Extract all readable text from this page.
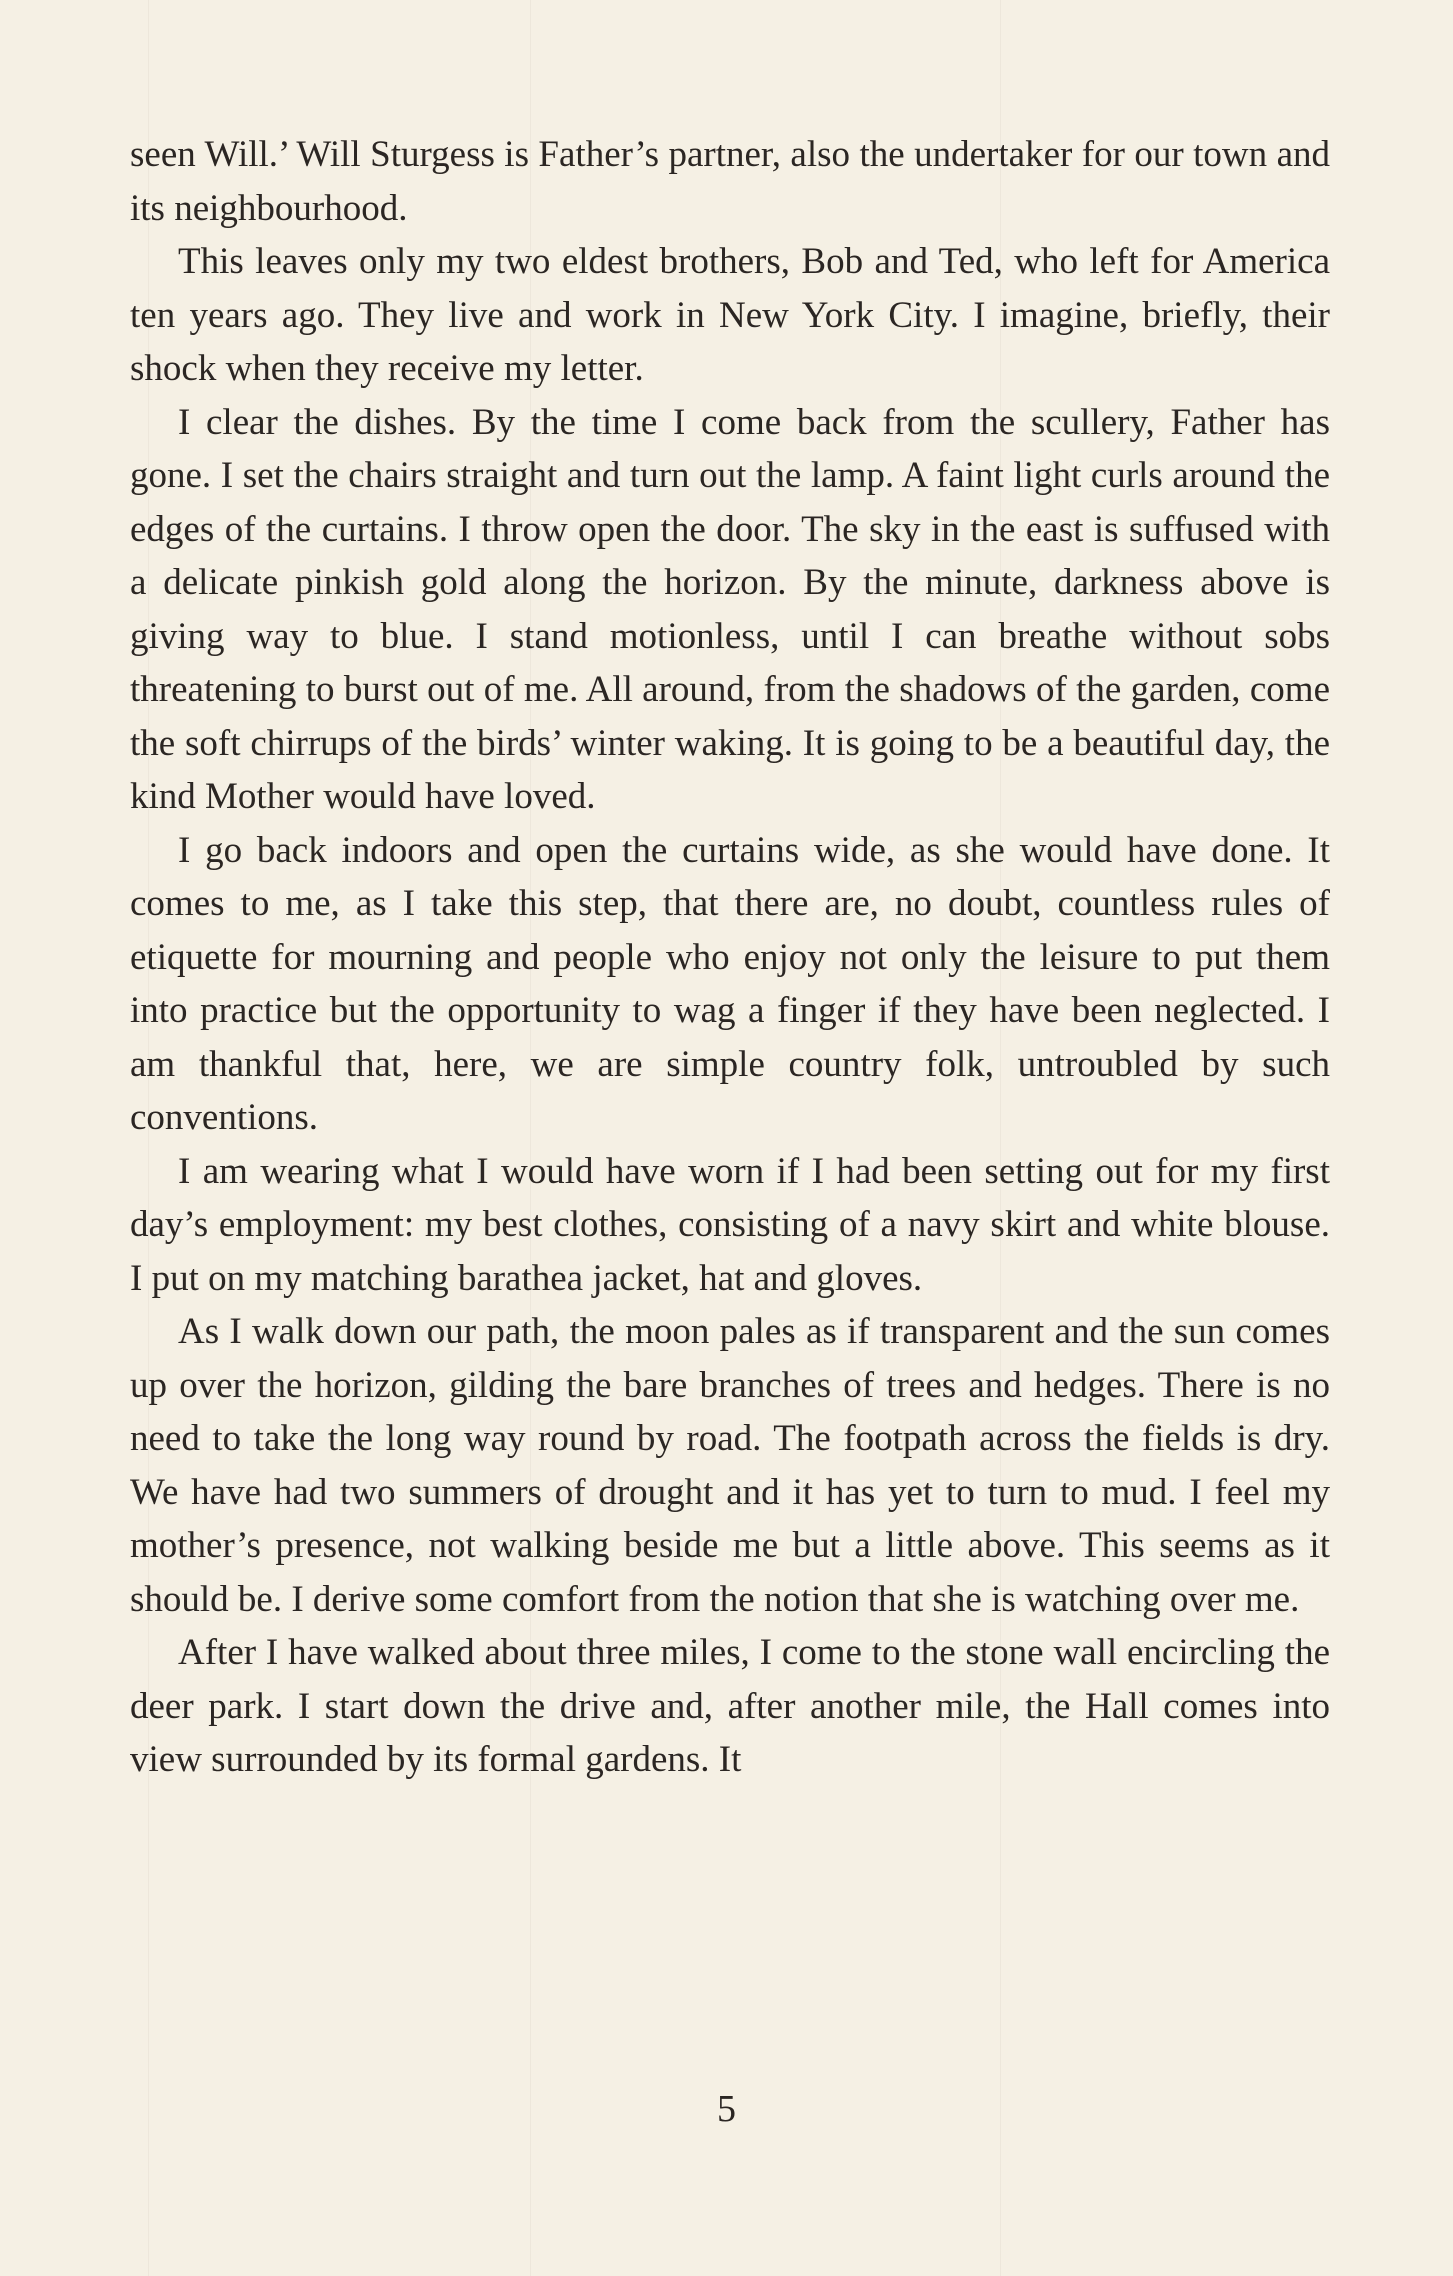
seen Will.’ Will Sturgess is Father’s partner, also the undertaker for our town and its neighbourhood.

This leaves only my two eldest brothers, Bob and Ted, who left for America ten years ago. They live and work in New York City. I imagine, briefly, their shock when they receive my letter.

I clear the dishes. By the time I come back from the scullery, Father has gone. I set the chairs straight and turn out the lamp. A faint light curls around the edges of the curtains. I throw open the door. The sky in the east is suffused with a delicate pinkish gold along the horizon. By the minute, darkness above is giving way to blue. I stand motionless, until I can breathe without sobs threatening to burst out of me. All around, from the shadows of the garden, come the soft chirrups of the birds’ winter waking. It is going to be a beautiful day, the kind Mother would have loved.

I go back indoors and open the curtains wide, as she would have done. It comes to me, as I take this step, that there are, no doubt, countless rules of etiquette for mourning and people who enjoy not only the leisure to put them into practice but the opportunity to wag a finger if they have been neglected. I am thankful that, here, we are simple country folk, untroubled by such conventions.

I am wearing what I would have worn if I had been setting out for my first day’s employment: my best clothes, consisting of a navy skirt and white blouse. I put on my matching barathea jacket, hat and gloves.

As I walk down our path, the moon pales as if transparent and the sun comes up over the horizon, gilding the bare branches of trees and hedges. There is no need to take the long way round by road. The footpath across the fields is dry. We have had two summers of drought and it has yet to turn to mud. I feel my mother’s presence, not walking beside me but a little above. This seems as it should be. I derive some comfort from the notion that she is watching over me.

After I have walked about three miles, I come to the stone wall encircling the deer park. I start down the drive and, after another mile, the Hall comes into view surrounded by its formal gardens. It

5
